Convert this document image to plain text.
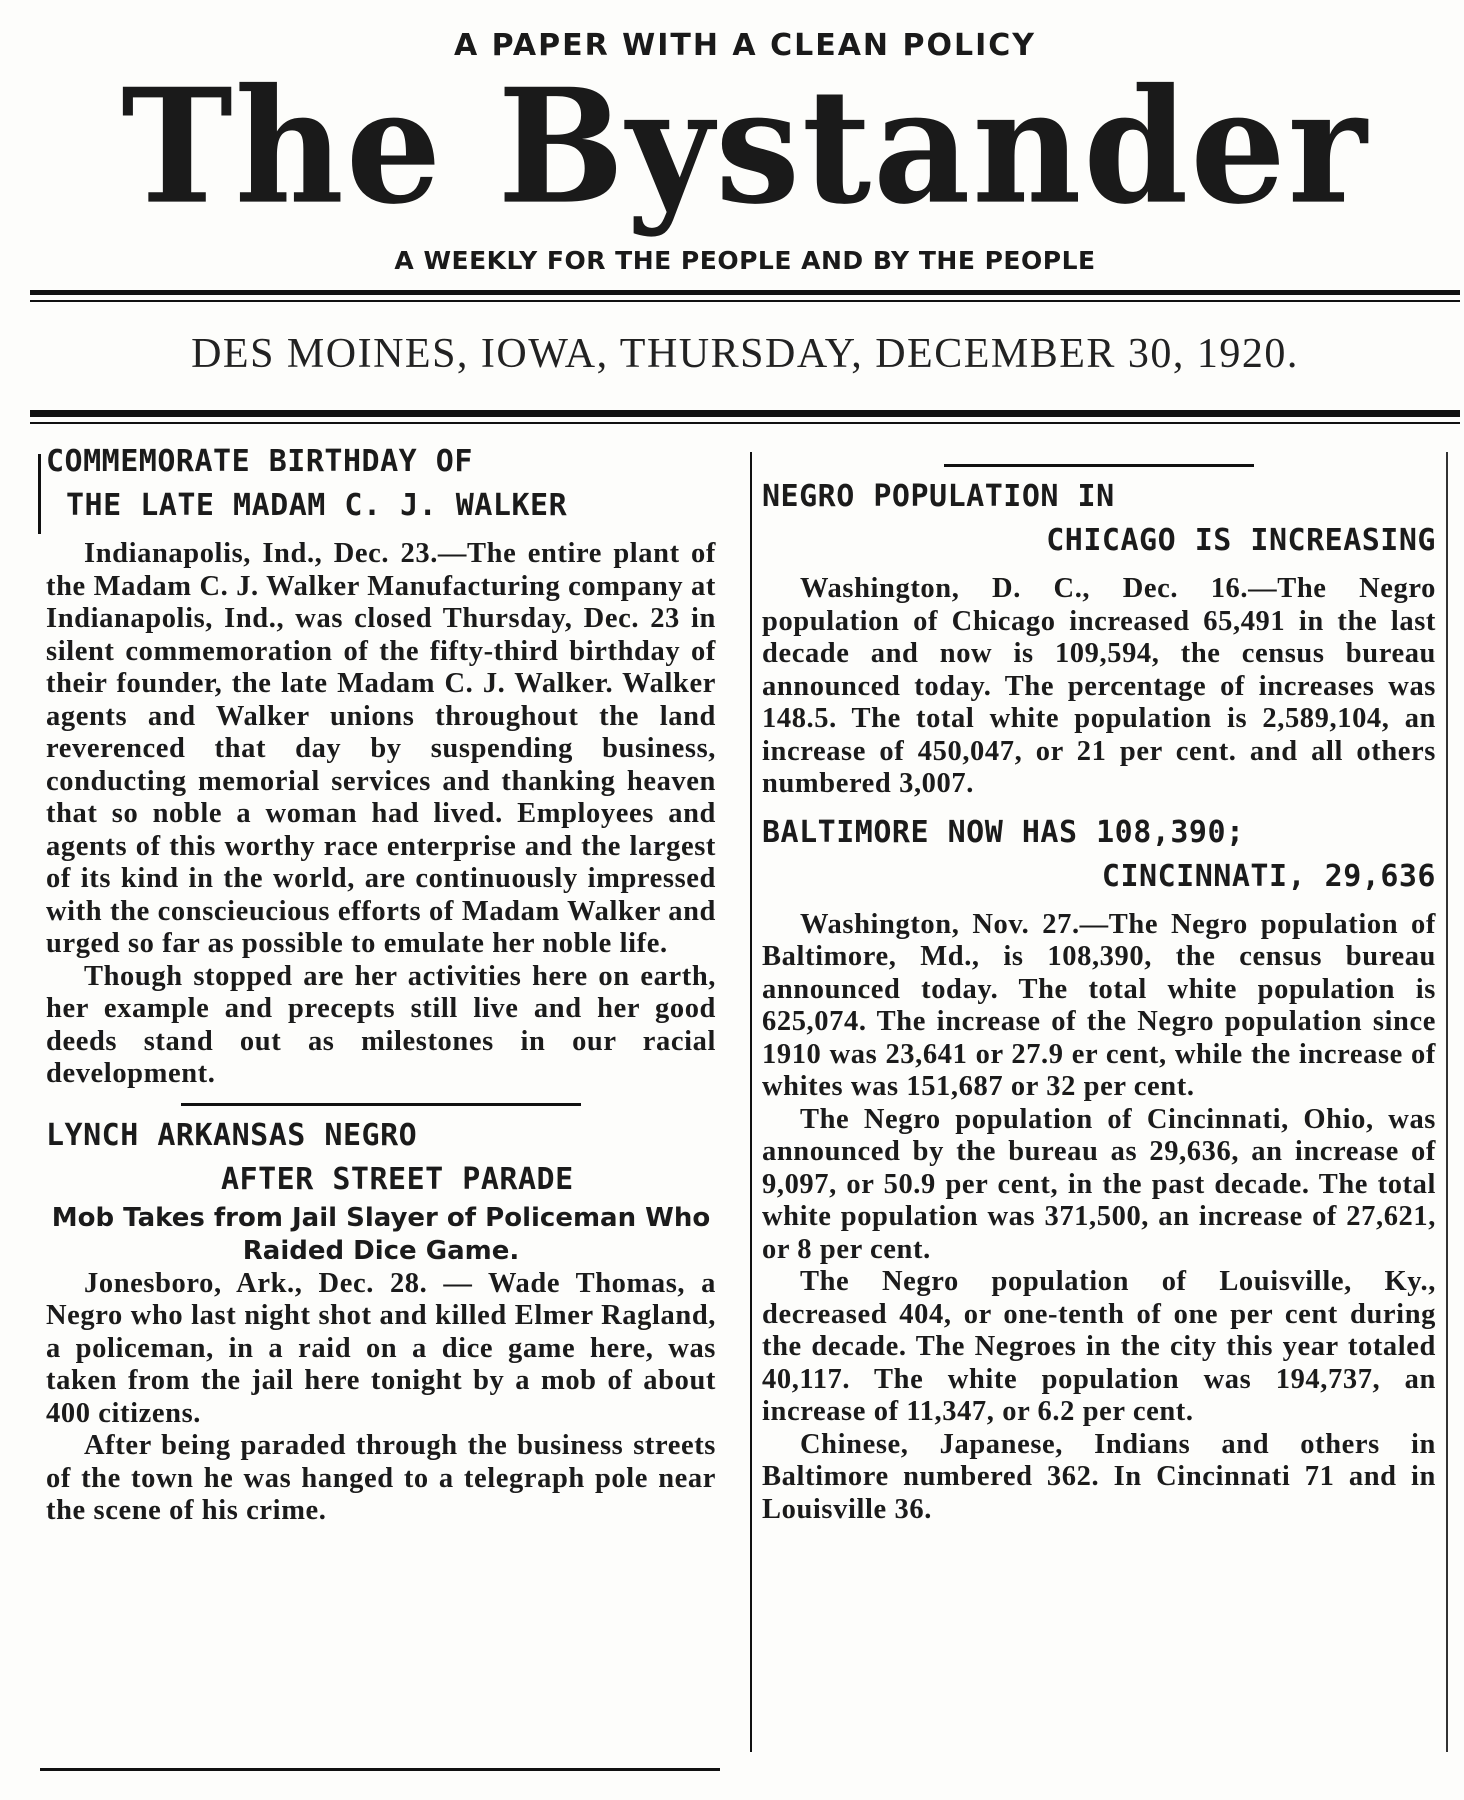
A PAPER WITH A CLEAN POLICY
The Bystander
A WEEKLY FOR THE PEOPLE AND BY THE PEOPLE
DES MOINES, IOWA, THURSDAY, DECEMBER 30, 1920.
COMMEMORATE BIRTHDAY OF
THE LATE MADAM C. J. WALKER

Indianapolis, Ind., Dec. 23.—The entire plant of the Madam C. J. Walker Manufacturing company at Indianapolis, Ind., was closed Thursday, Dec. 23 in silent commemoration of the fifty-third birthday of their founder, the late Madam C. J. Walker. Walker agents and Walker unions throughout the land reverenced that day by suspending business, conducting memorial services and thanking heaven that so noble a woman had lived. Employees and agents of this worthy race enterprise and the largest of its kind in the world, are continuously impressed with the conscieucious efforts of Madam Walker and urged so far as possible to emulate her noble life.

Though stopped are her activities here on earth, her example and precepts still live and her good deeds stand out as milestones in our racial development.

LYNCH ARKANSAS NEGRO
AFTER STREET PARADE
Mob Takes from Jail Slayer of Policeman Who Raided Dice Game.

Jonesboro, Ark., Dec. 28. — Wade Thomas, a Negro who last night shot and killed Elmer Ragland, a policeman, in a raid on a dice game here, was taken from the jail here tonight by a mob of about 400 citizens.

After being paraded through the business streets of the town he was hanged to a telegraph pole near the scene of his crime.

NEGRO POPULATION IN
CHICAGO IS INCREASING

Washington, D. C., Dec. 16.—The Negro population of Chicago increased 65,491 in the last decade and now is 109,594, the census bureau announced today. The percentage of increases was 148.5. The total white population is 2,589,104, an increase of 450,047, or 21 per cent. and all others numbered 3,007.

BALTIMORE NOW HAS 108,390;
CINCINNATI, 29,636

Washington, Nov. 27.—The Negro population of Baltimore, Md., is 108,390, the census bureau announced today. The total white population is 625,074. The increase of the Negro population since 1910 was 23,641 or 27.9 er cent, while the increase of whites was 151,687 or 32 per cent.

The Negro population of Cincinnati, Ohio, was announced by the bureau as 29,636, an increase of 9,097, or 50.9 per cent, in the past decade. The total white population was 371,500, an increase of 27,621, or 8 per cent.

The Negro population of Louisville, Ky., decreased 404, or one-tenth of one per cent during the decade. The Negroes in the city this year totaled 40,117. The white population was 194,737, an increase of 11,347, or 6.2 per cent.

Chinese, Japanese, Indians and others in Baltimore numbered 362. In Cincinnati 71 and in Louisville 36.
